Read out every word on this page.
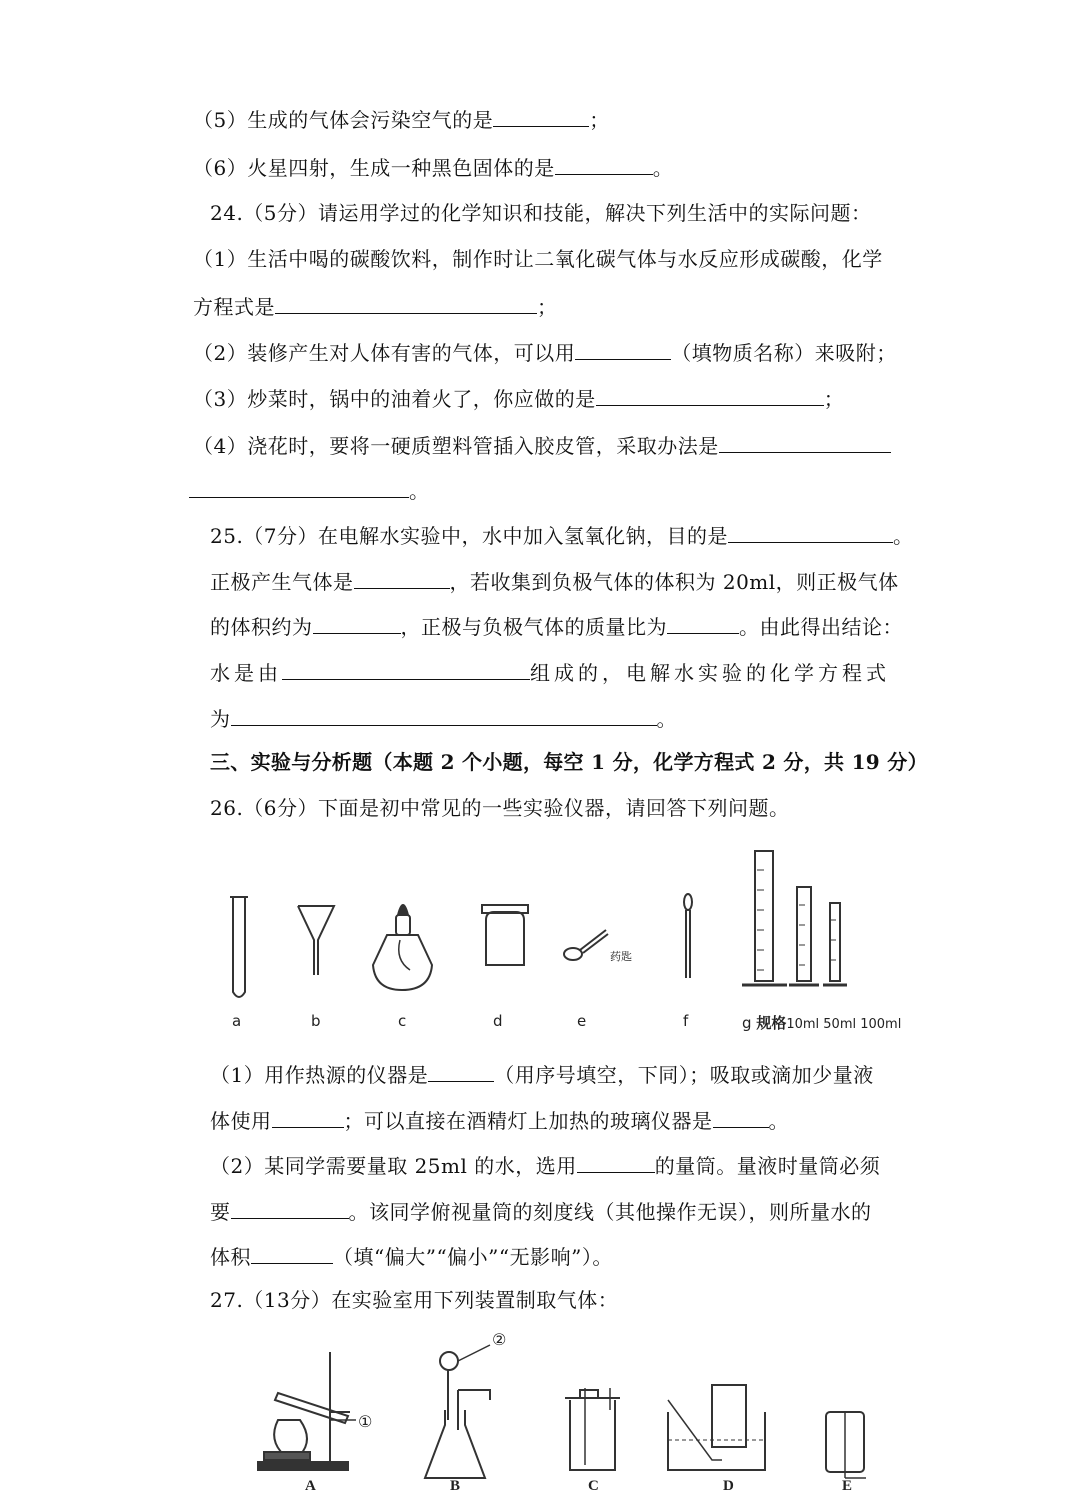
（5）生成的气体会污染空气的是	；
（6）火星四射，生成一种黑色固体的是	。
24.（5分）请运用学过的化学知识和技能，解决下列生活中的实际问题：
（1）生活中喝的碳酸饮料，制作时让二氧化碳气体与水反应形成碳酸，化学
方程式是	；
（2）装修产生对人体有害的气体，可以用	（填物质名称）来吸附；
（3）炒菜时，锅中的油着火了，你应做的是	；
（4）浇花时，要将一硬质塑料管插入胶皮管，采取办法是
。
25.（7分）在电解水实验中，水中加入氢氧化钠，目的是	。
正极产生气体是	，若收集到负极气体的体积为 20ml，则正极气体
的体积约为	，正极与负极气体的质量比为	。由此得出结论：
水是由	组成的，电解水实验的化学方程式
为	。
三、实验与分析题（本题 2 个小题，每空 1 分，化学方程式 2 分，共 19 分）
26.（6分）下面是初中常见的一些实验仪器，请回答下列问题。
药匙
a	b	c	d	e	f	g 规格10ml 50ml 100ml
（1）用作热源的仪器是	（用序号填空，下同）；吸取或滴加少量液
体使用	；可以直接在酒精灯上加热的玻璃仪器是	。
（2）某同学需要量取 25ml 的水，选用	的量筒。量液时量筒必须
要	。该同学俯视量筒的刻度线（其他操作无误），则所量水的
体积	（填“偏大”“偏小”“无影响”）。
27.（13分）在实验室用下列装置制取气体：
①
②
A	B	C	D	E
